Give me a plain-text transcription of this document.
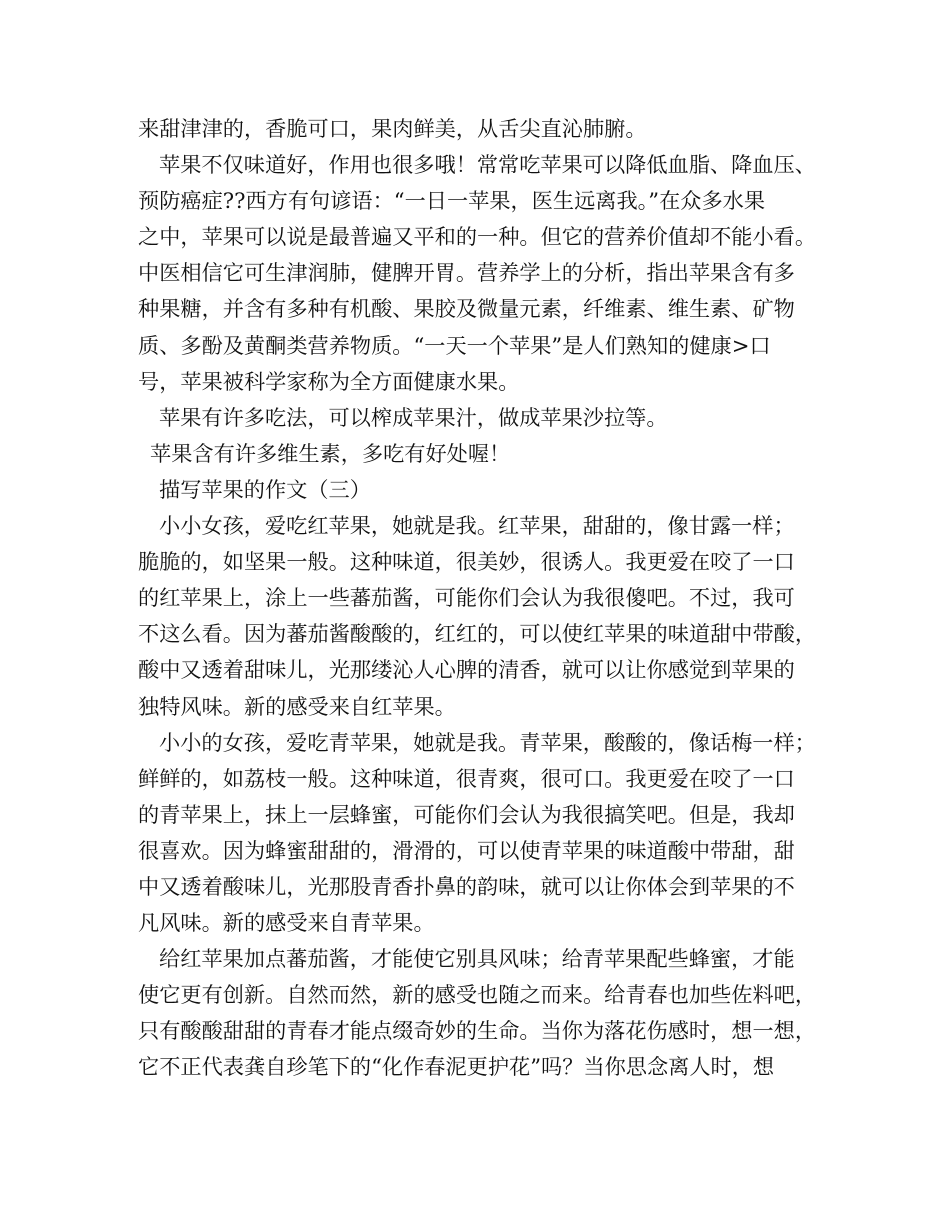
来甜津津的，香脆可口，果肉鲜美，从舌尖直沁肺腑。
苹果不仅味道好，作用也很多哦！常常吃苹果可以降低血脂、降血压、
预防癌症??西方有句谚语：“一日一苹果，医生远离我。”在众多水果
之中，苹果可以说是最普遍又平和的一种。但它的营养价值却不能小看。
中医相信它可生津润肺，健脾开胃。营养学上的分析，指出苹果含有多
种果糖，并含有多种有机酸、果胶及微量元素，纤维素、维生素、矿物
质、多酚及黄酮类营养物质。“一天一个苹果”是人们熟知的健康>口
号，苹果被科学家称为全方面健康水果。
苹果有许多吃法，可以榨成苹果汁，做成苹果沙拉等。
苹果含有许多维生素，多吃有好处喔！
描写苹果的作文（三）
小小女孩，爱吃红苹果，她就是我。红苹果，甜甜的，像甘露一样；
脆脆的，如坚果一般。这种味道，很美妙，很诱人。我更爱在咬了一口
的红苹果上，涂上一些蕃茄酱，可能你们会认为我很傻吧。不过，我可
不这么看。因为蕃茄酱酸酸的，红红的，可以使红苹果的味道甜中带酸，
酸中又透着甜味儿，光那缕沁人心脾的清香，就可以让你感觉到苹果的
独特风味。新的感受来自红苹果。
小小的女孩，爱吃青苹果，她就是我。青苹果，酸酸的，像话梅一样；
鲜鲜的，如荔枝一般。这种味道，很青爽，很可口。我更爱在咬了一口
的青苹果上，抹上一层蜂蜜，可能你们会认为我很搞笑吧。但是，我却
很喜欢。因为蜂蜜甜甜的，滑滑的，可以使青苹果的味道酸中带甜，甜
中又透着酸味儿，光那股青香扑鼻的韵味，就可以让你体会到苹果的不
凡风味。新的感受来自青苹果。
给红苹果加点蕃茄酱，才能使它别具风味；给青苹果配些蜂蜜，才能
使它更有创新。自然而然，新的感受也随之而来。给青春也加些佐料吧，
只有酸酸甜甜的青春才能点缀奇妙的生命。当你为落花伤感时，想一想，
它不正代表龚自珍笔下的“化作春泥更护花”吗？当你思念离人时，想
